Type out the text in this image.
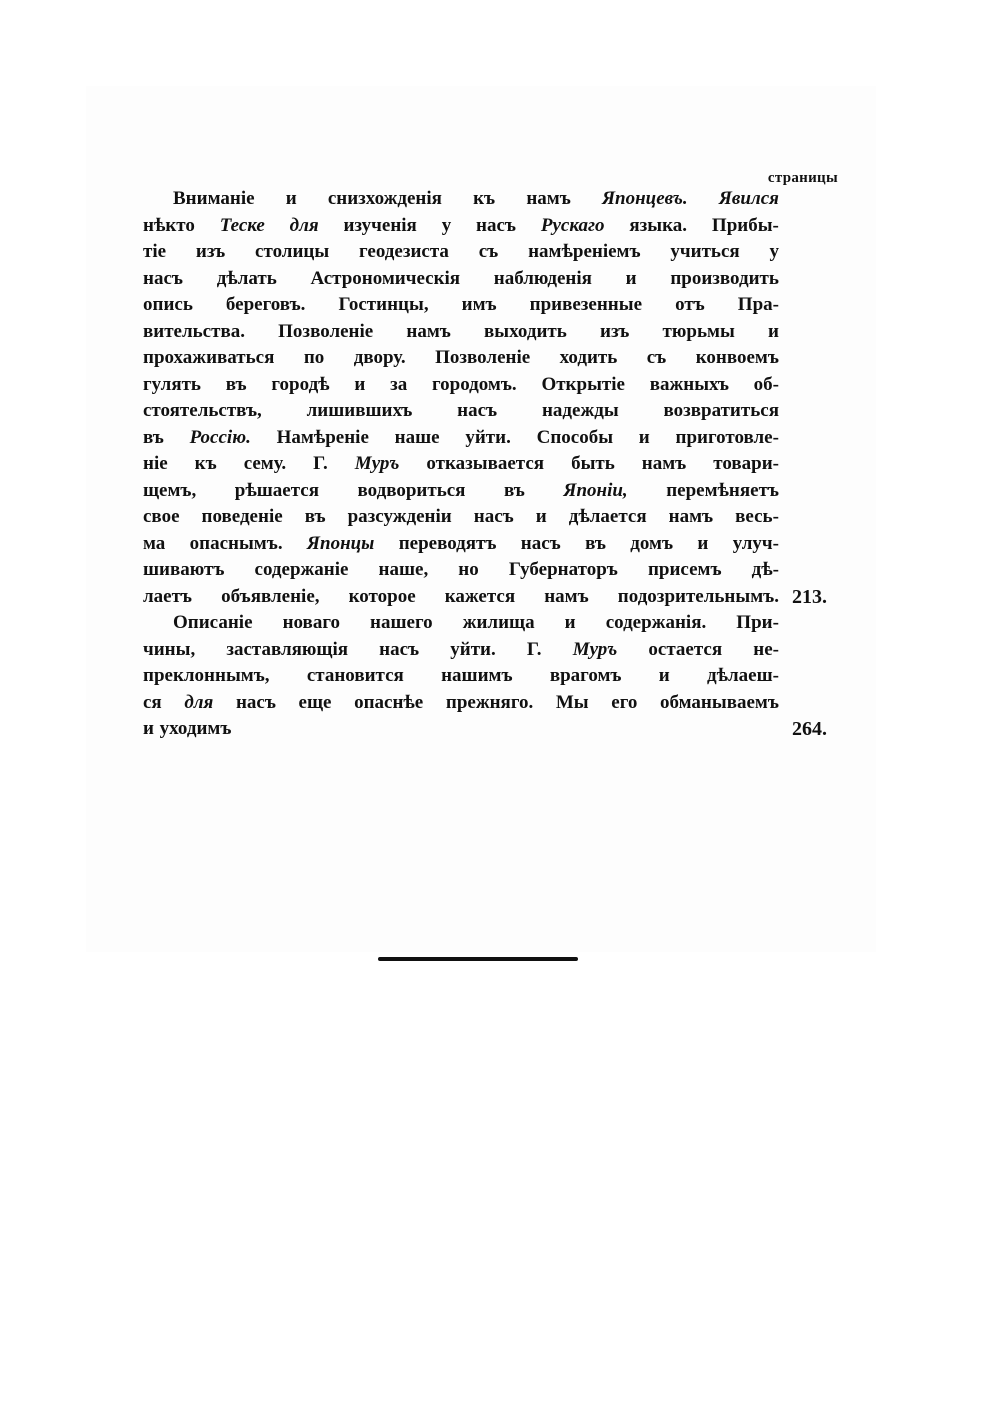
страницы
Вниманіе и снизхожденія къ намъ Японцевъ. Явился
нѣкто Теске для изученія у насъ Рускаго языка. Прибы-
тіе изъ столицы геодезиста съ намѣреніемъ учиться у
насъ дѣлать Астрономическія наблюденія и производить
опись береговъ. Гостинцы, имъ привезенные отъ Пра-
вительства. Позволеніе намъ выходить изъ тюрьмы и
прохаживаться по двору. Позволеніе ходить съ конвоемъ
гулять въ городѣ и за городомъ. Открытіе важныхъ об-
стоятельствъ, лишившихъ насъ надежды возвратиться
въ Россію. Намѣреніе наше уйти. Способы и приготовле-
ніе къ сему. Г. Муръ отказывается быть намъ товари-
щемъ, рѣшается водвориться въ Японіи, перемѣняетъ
свое поведеніе въ разсужденіи насъ и дѣлается намъ весь-
ма опаснымъ. Японцы переводятъ насъ въ домъ и улуч-
шиваютъ содержаніе наше, но Губернаторъ присемъ дѣ-
лаетъ объявленіе, которое кажется намъ подозрительнымъ.
Описаніе новаго нашего жилища и содержанія. При-
чины, заставляющія насъ уйти. Г. Муръ остается не-
преклоннымъ, становится нашимъ врагомъ и дѣлаеш-
ся для насъ еще опаснѣе прежняго. Мы его обманываемъ
и уходимъ
213.
264.
